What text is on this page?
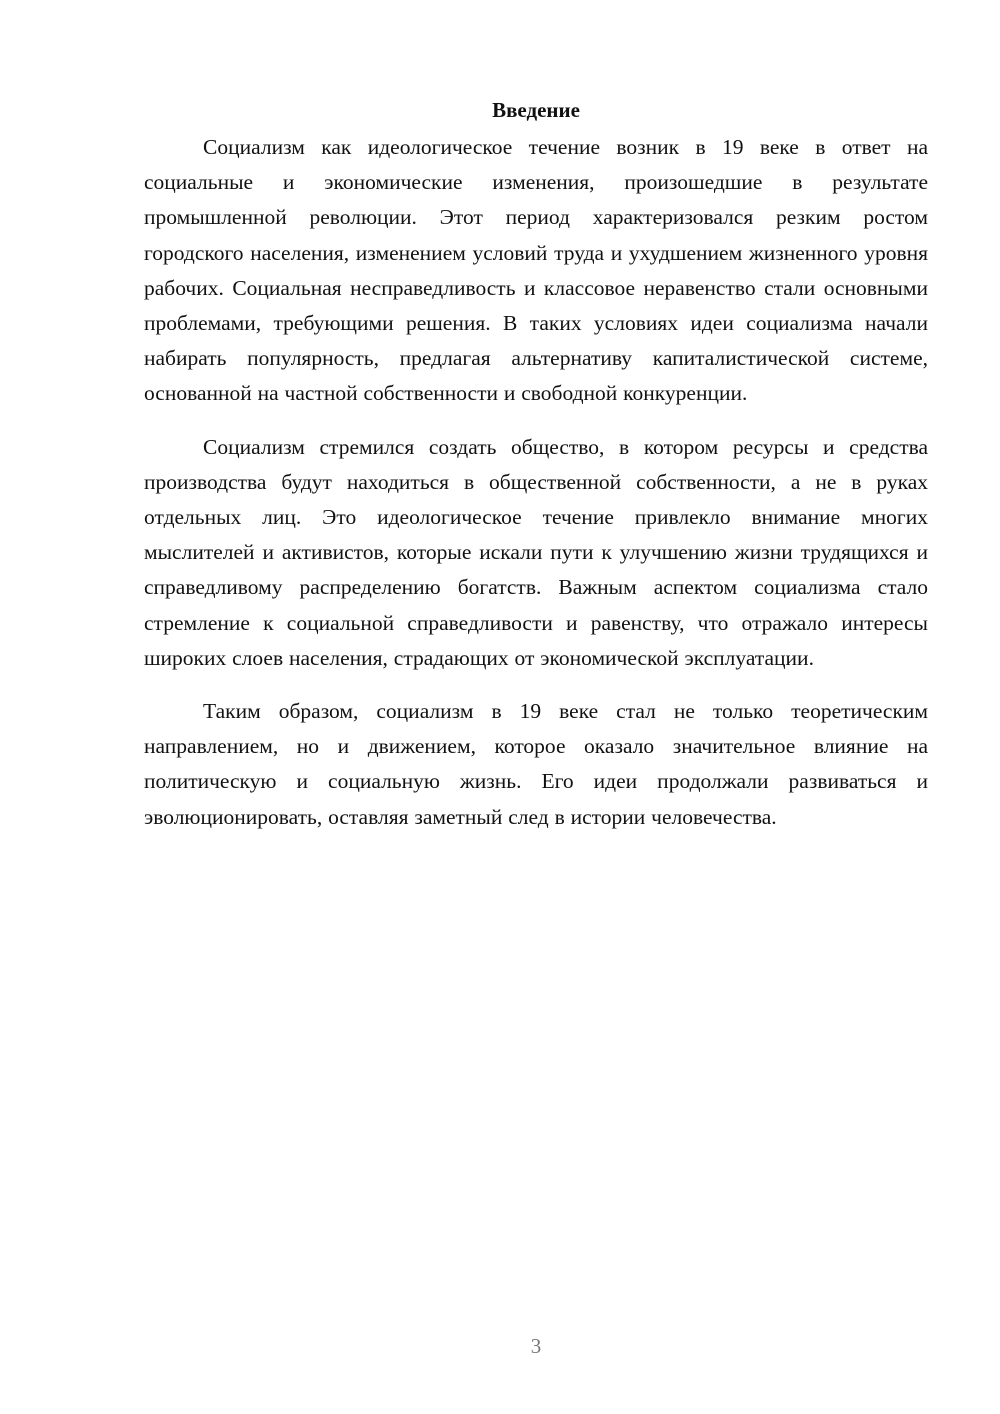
Введение

Социализм как идеологическое течение возник в 19 веке в ответ на социальные и экономические изменения, произошедшие в результате промышленной революции. Этот период характеризовался резким ростом городского населения, изменением условий труда и ухудшением жизненного уровня рабочих. Социальная несправедливость и классовое неравенство стали основными проблемами, требующими решения. В таких условиях идеи социализма начали набирать популярность, предлагая альтернативу капиталистической системе, основанной на частной собственности и свободной конкуренции.

Социализм стремился создать общество, в котором ресурсы и средства производства будут находиться в общественной собственности, а не в руках отдельных лиц. Это идеологическое течение привлекло внимание многих мыслителей и активистов, которые искали пути к улучшению жизни трудящихся и справедливому распределению богатств. Важным аспектом социализма стало стремление к социальной справедливости и равенству, что отражало интересы широких слоев населения, страдающих от экономической эксплуатации.

Таким образом, социализм в 19 веке стал не только теоретическим направлением, но и движением, которое оказало значительное влияние на политическую и социальную жизнь. Его идеи продолжали развиваться и эволюционировать, оставляя заметный след в истории человечества.

3
